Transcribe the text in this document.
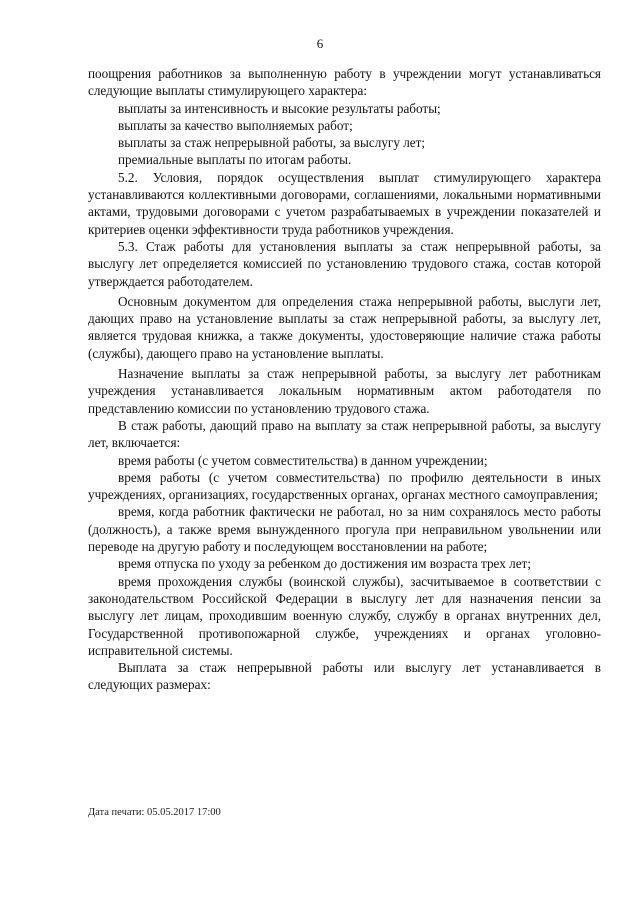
6

поощрения работников за выполненную работу в учреждении могут устанавливаться следующие выплаты стимулирующего характера:

выплаты за интенсивность и высокие результаты работы;

выплаты за качество выполняемых работ;

выплаты за стаж непрерывной работы, за выслугу лет;

премиальные выплаты по итогам работы.

5.2. Условия, порядок осуществления выплат стимулирующего характера устанавливаются коллективными договорами, соглашениями, локальными нормативными актами, трудовыми договорами с учетом разрабатываемых в учреждении показателей и критериев оценки эффективности труда работников учреждения.

5.3. Стаж работы для установления выплаты за стаж непрерывной работы, за выслугу лет определяется комиссией по установлению трудового стажа, состав которой утверждается работодателем.

Основным документом для определения стажа непрерывной работы, выслуги лет, дающих право на установление выплаты за стаж непрерывной работы, за выслугу лет, является трудовая книжка, а также документы, удостоверяющие наличие стажа работы (службы), дающего право на установление выплаты.

Назначение выплаты за стаж непрерывной работы, за выслугу лет работникам учреждения устанавливается локальным нормативным актом работодателя по представлению комиссии по установлению трудового стажа.

В стаж работы, дающий право на выплату за стаж непрерывной работы, за выслугу лет, включается:

время работы (с учетом совместительства) в данном учреждении;

время работы (с учетом совместительства) по профилю деятельности в иных учреждениях, организациях, государственных органах, органах местного самоуправления;

время, когда работник фактически не работал, но за ним сохранялось место работы (должность), а также время вынужденного прогула при неправильном увольнении или переводе на другую работу и последующем восстановлении на работе;

время отпуска по уходу за ребенком до достижения им возраста трех лет;

время прохождения службы (воинской службы), засчитываемое в соответствии с законодательством Российской Федерации в выслугу лет для назначения пенсии за выслугу лет лицам, проходившим военную службу, службу в органах внутренних дел, Государственной противопожарной службе, учреждениях и органах уголовно-исправительной системы.

Выплата за стаж непрерывной работы или выслугу лет устанавливается в следующих размерах:

Дата печати: 05.05.2017 17:00
